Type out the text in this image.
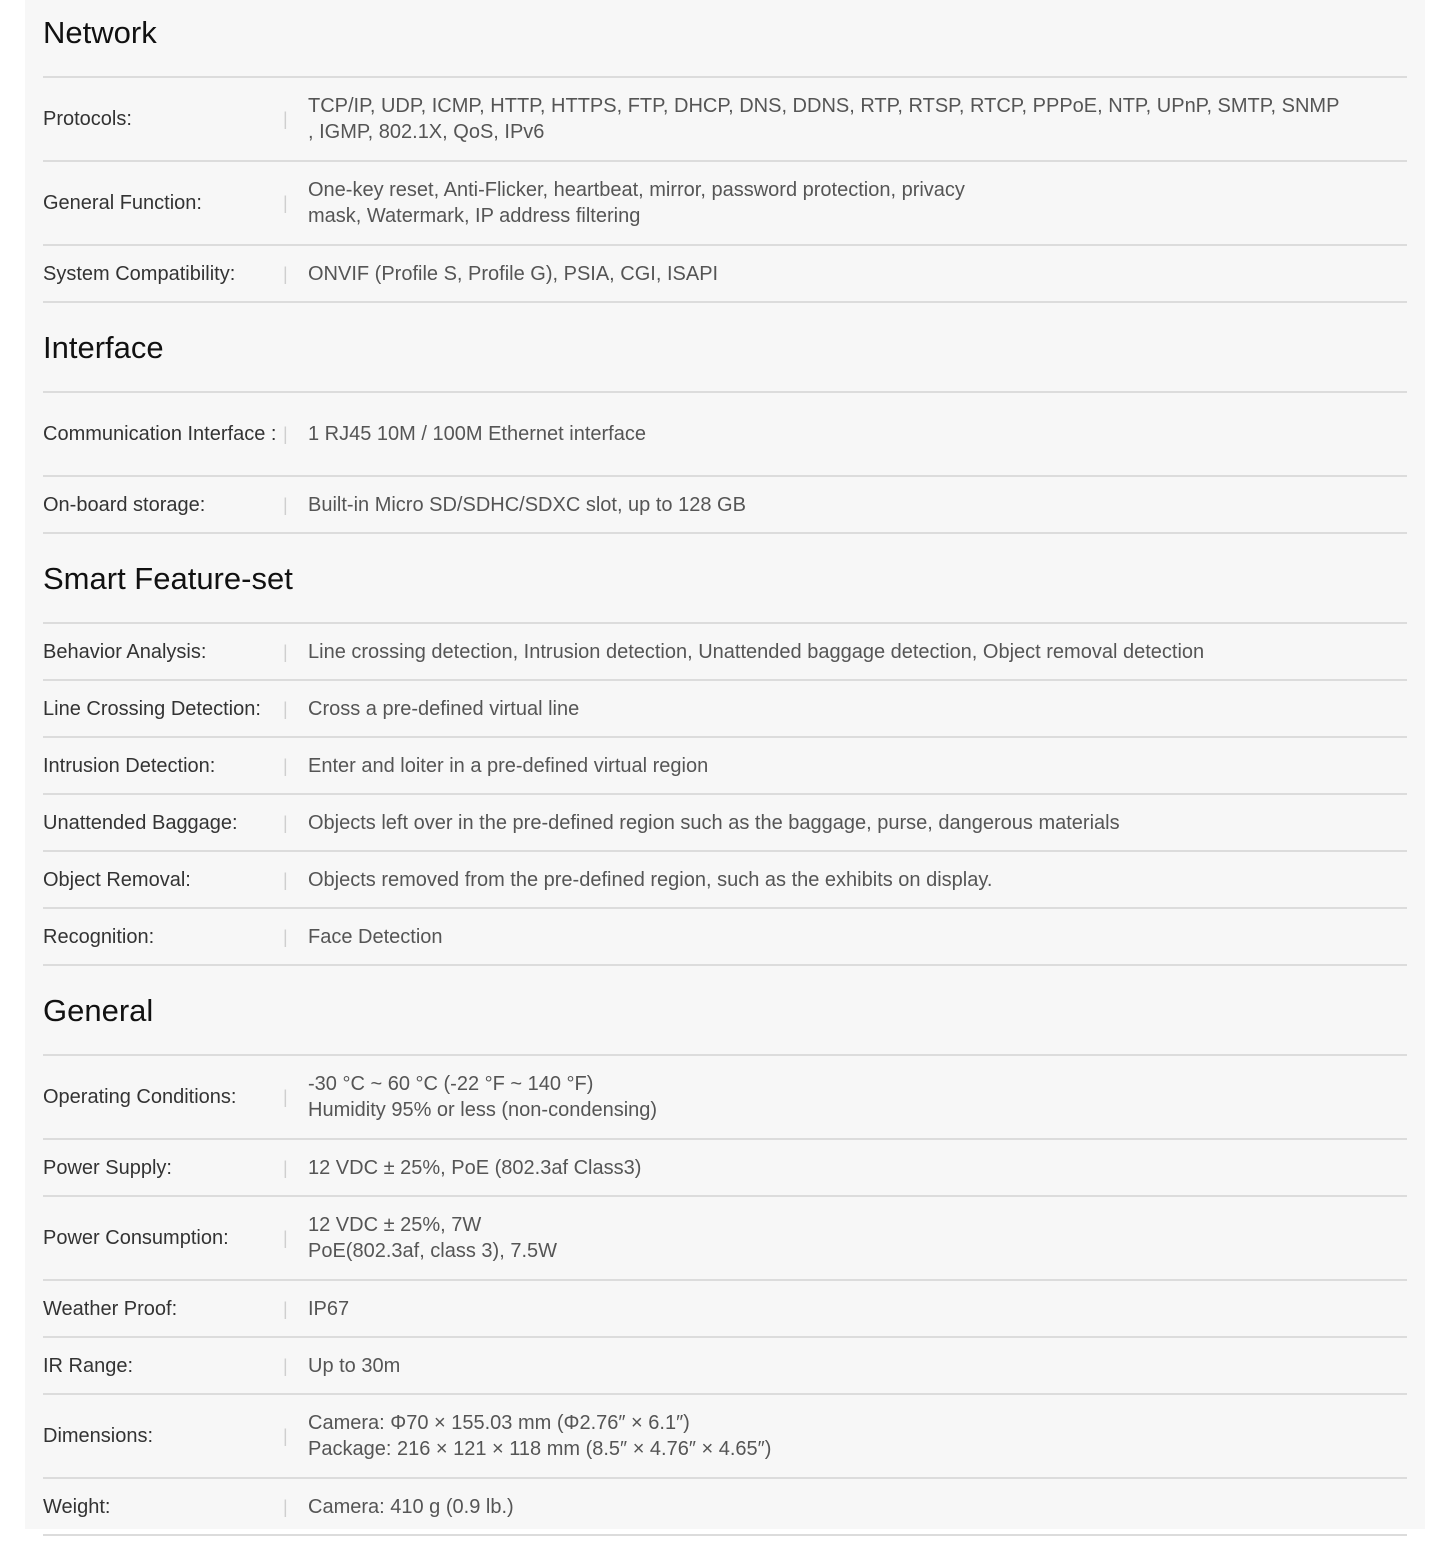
Network
Protocols:	|
TCP/IP, UDP, ICMP, HTTP, HTTPS, FTP, DHCP, DNS, DDNS, RTP, RTSP, RTCP, PPPoE, NTP, UPnP, SMTP, SNMP
, IGMP, 802.1X, QoS, IPv6
General Function:	|
One-key reset, Anti-Flicker, heartbeat, mirror, password protection, privacy
mask, Watermark, IP address filtering
System Compatibility:	|	ONVIF (Profile S, Profile G), PSIA, CGI, ISAPI
Interface
Communication Interface : |	1 RJ45 10M / 100M Ethernet interface
On-board storage:	|	Built-in Micro SD/SDHC/SDXC slot, up to 128 GB
Smart Feature-set
Behavior Analysis:	|	Line crossing detection, Intrusion detection, Unattended baggage detection, Object removal detection
Line Crossing Detection:	|	Cross a pre-defined virtual line
Intrusion Detection:	|	Enter and loiter in a pre-defined virtual region
Unattended Baggage:	|	Objects left over in the pre-defined region such as the baggage, purse, dangerous materials
Object Removal:	|	Objects removed from the pre-defined region, such as the exhibits on display.
Recognition:	|	Face Detection
General
Operating Conditions:	|
-30 °C ~ 60 °C (-22 °F ~ 140 °F)
Humidity 95% or less (non-condensing)
Power Supply:	|	12 VDC ± 25%, PoE (802.3af Class3)
Power Consumption:	|
12 VDC ± 25%, 7W
PoE(802.3af, class 3), 7.5W
Weather Proof:	|	IP67
IR Range:	|	Up to 30m
Dimensions:	|
Camera: Φ70 × 155.03 mm (Φ2.76″ × 6.1″)
Package: 216 × 121 × 118 mm (8.5″ × 4.76″ × 4.65″)
Weight:	|	Camera: 410 g (0.9 lb.)
